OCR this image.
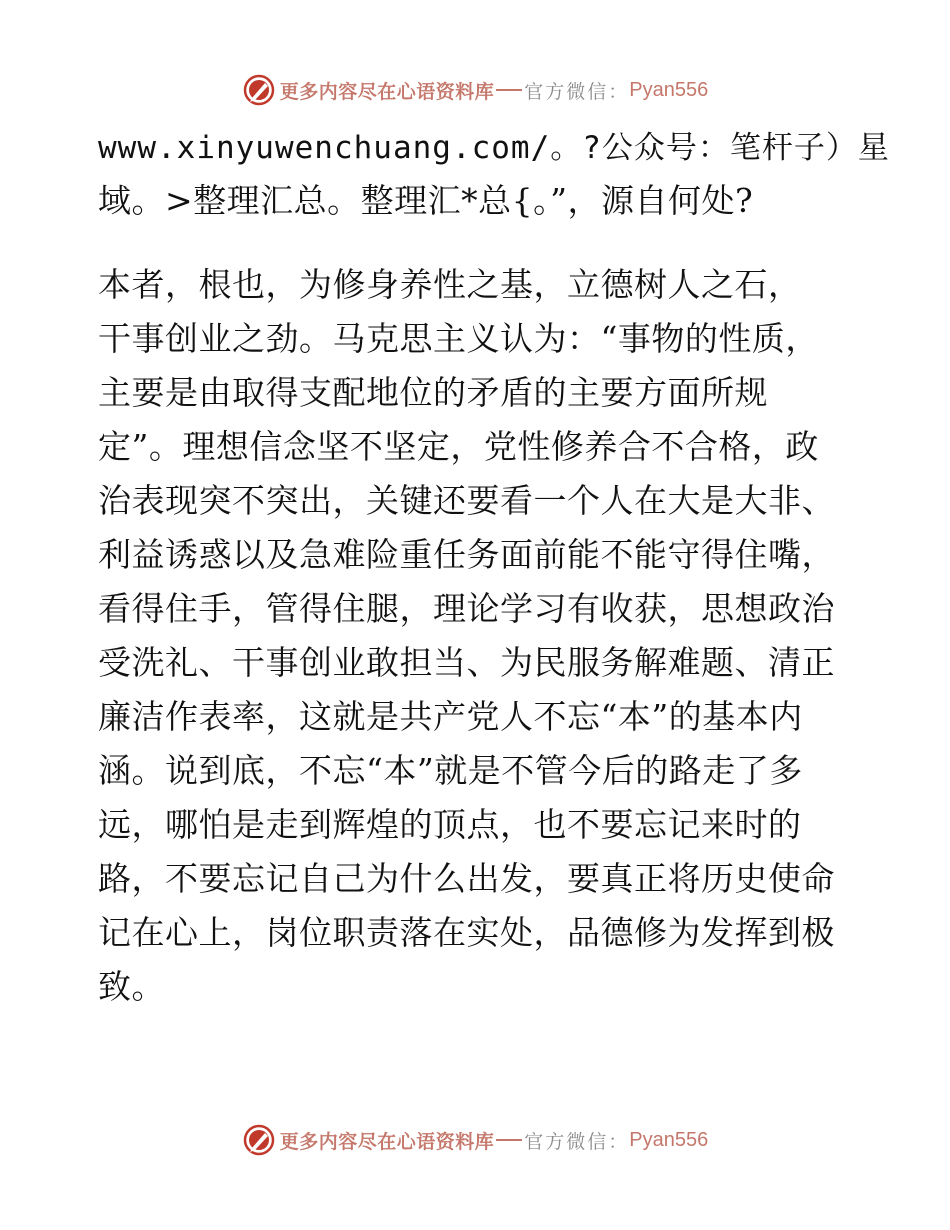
更多内容尽在心语资料库 官方微信： Pyan556
www.xinyuwenchuang.com/。?公众号：笔杆子）星
域。>整理汇总。整理汇*总{。”，源自何处?
本者，根也，为修身养性之基，立德树人之石，
干事创业之劲。马克思主义认为：“事物的性质，
主要是由取得支配地位的矛盾的主要方面所规
定”。理想信念坚不坚定，党性修养合不合格，政
治表现突不突出，关键还要看一个人在大是大非、
利益诱惑以及急难险重任务面前能不能守得住嘴，
看得住手，管得住腿，理论学习有收获，思想政治
受洗礼、干事创业敢担当、为民服务解难题、清正
廉洁作表率，这就是共产党人不忘“本”的基本内
涵。说到底，不忘“本”就是不管今后的路走了多
远，哪怕是走到辉煌的顶点，也不要忘记来时的
路，不要忘记自己为什么出发，要真正将历史使命
记在心上，岗位职责落在实处，品德修为发挥到极
致。
更多内容尽在心语资料库 官方微信： Pyan556
